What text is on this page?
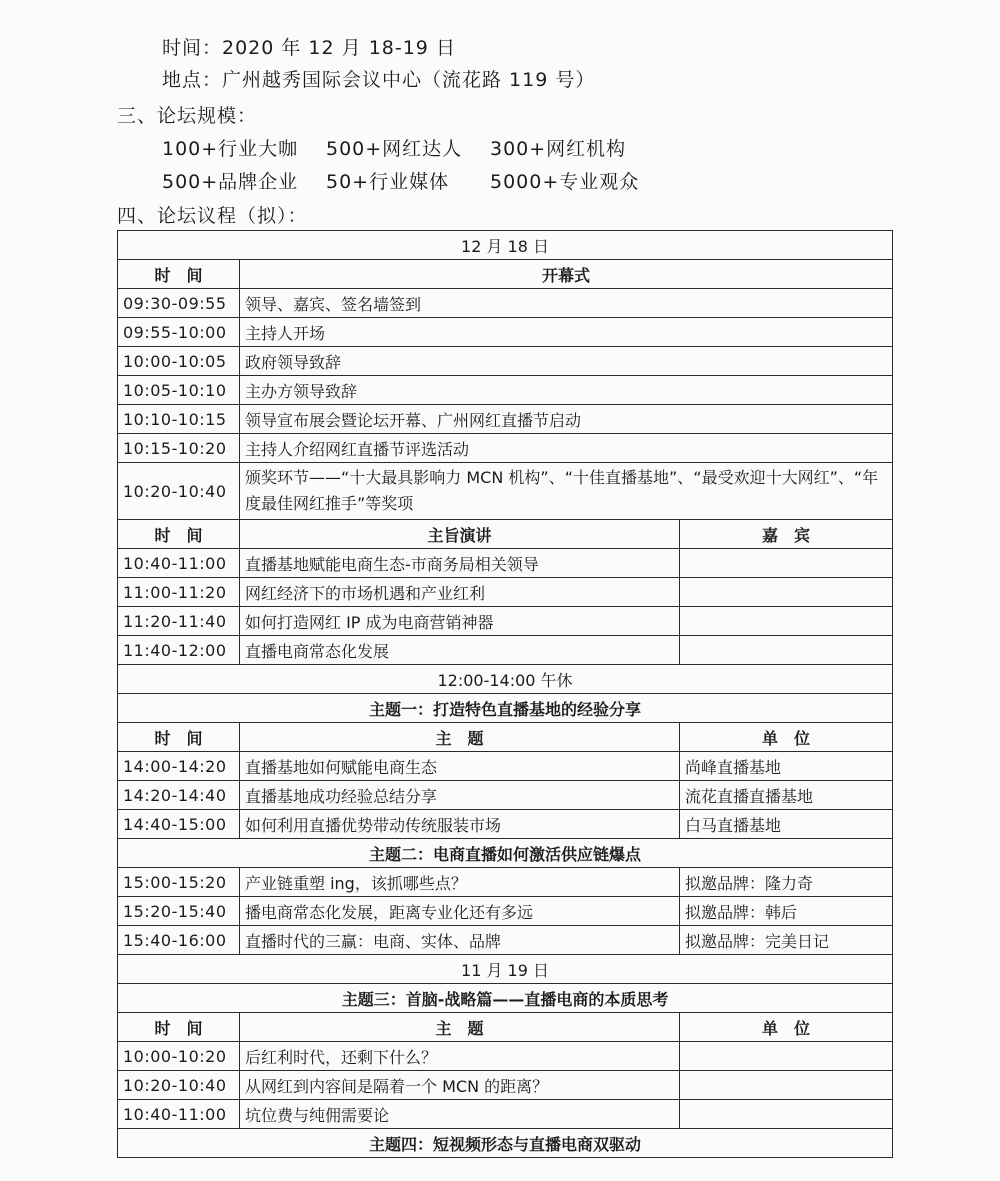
时间：2020 年 12 月 18-19 日
地点：广州越秀国际会议中心（流花路 119 号）
三、论坛规模：
100+行业大咖 500+网红达人 300+网红机构
500+品牌企业 50+行业媒体 5000+专业观众
四、论坛议程（拟）：
12 月 18 日		
时　间	开幕式	
09:30-09:55	领导、嘉宾、签名墙签到	
09:55-10:00	主持人开场	
10:00-10:05	政府领导致辞	
10:05-10:10	主办方领导致辞	
10:10-10:15	领导宣布展会暨论坛开幕、广州网红直播节启动	
10:15-10:20	主持人介绍网红直播节评选活动	
10:20-10:40	颁奖环节——“十大最具影响力 MCN 机构”、“十佳直播基地”、“最受欢迎十大网红”、“年度最佳网红推手”等奖项	
时　间	主旨演讲	嘉　宾
10:40-11:00	直播基地赋能电商生态-市商务局相关领导	
11:00-11:20	网红经济下的市场机遇和产业红利	
11:20-11:40	如何打造网红 IP 成为电商营销神器	
11:40-12:00	直播电商常态化发展	
12:00-14:00 午休		
主题一：打造特色直播基地的经验分享		
时　间	主　题	单　位
14:00-14:20	直播基地如何赋能电商生态	尚峰直播基地
14:20-14:40	直播基地成功经验总结分享	流花直播直播基地
14:40-15:00	如何利用直播优势带动传统服装市场	白马直播基地
主题二：电商直播如何激活供应链爆点		
15:00-15:20	产业链重塑 ing，该抓哪些点？	拟邀品牌：隆力奇
15:20-15:40	播电商常态化发展，距离专业化还有多远	拟邀品牌：韩后
15:40-16:00	直播时代的三赢：电商、实体、品牌	拟邀品牌：完美日记
11 月 19 日		
主题三：首脑-战略篇——直播电商的本质思考		
时　间	主　题	单　位
10:00-10:20	后红利时代，还剩下什么？	
10:20-10:40	从网红到内容间是隔着一个 MCN 的距离？	
10:40-11:00	坑位费与纯佣需要论	
主题四：短视频形态与直播电商双驱动		
